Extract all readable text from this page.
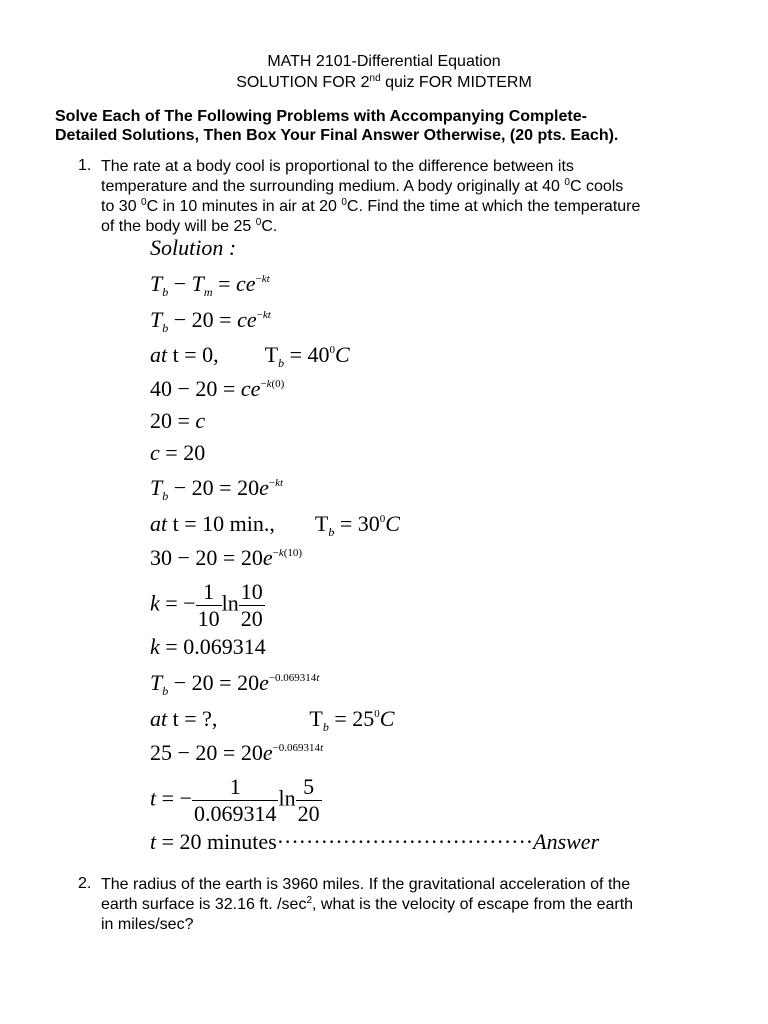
MATH 2101-Differential Equation
SOLUTION FOR 2nd quiz FOR MIDTERM
Solve Each of The Following Problems with Accompanying Complete-
Detailed Solutions, Then Box Your Final Answer Otherwise, (20 pts. Each).
1. The rate at a body cool is proportional to the difference between its
temperature and the surrounding medium. A body originally at 40 $^0$C cools
to 30 $^0$C in 10 minutes in air at 20 $^0$C. Find the time at which the temperature
of the body will be 25 $^0$C.
Solution :
$T_b - T_m = ce^{-kt}$
$T_b - 20 = ce^{-kt}$
at t = 0, $T_b = 40^0C$
$40 - 20 = ce^{-k(0)}$
20 = c
c = 20
$T_b - 20 = 20e^{-kt}$
at t = 10 min., $T_b = 30^0C$
$30 - 20 = 20e^{-k(10)}$
k = − $\frac{1}{10}$ $\ln \frac{10}{20}$
k = 0.069314
$T_b - 20 = 20e^{-0.069314t}$
at t = ?,	$T_b = 25^0C$
$25 - 20 = 20e^{-0.069314t}$
t = − $\frac{1}{0.069314}$ $\ln \frac{5}{20}$
t = 20 minutes···································Answer
2. The radius of the earth is 3960 miles. If the gravitational acceleration of the
earth surface is 32.16 ft. $/\sec^2$, what is the velocity of escape from the earth
in miles/sec?
